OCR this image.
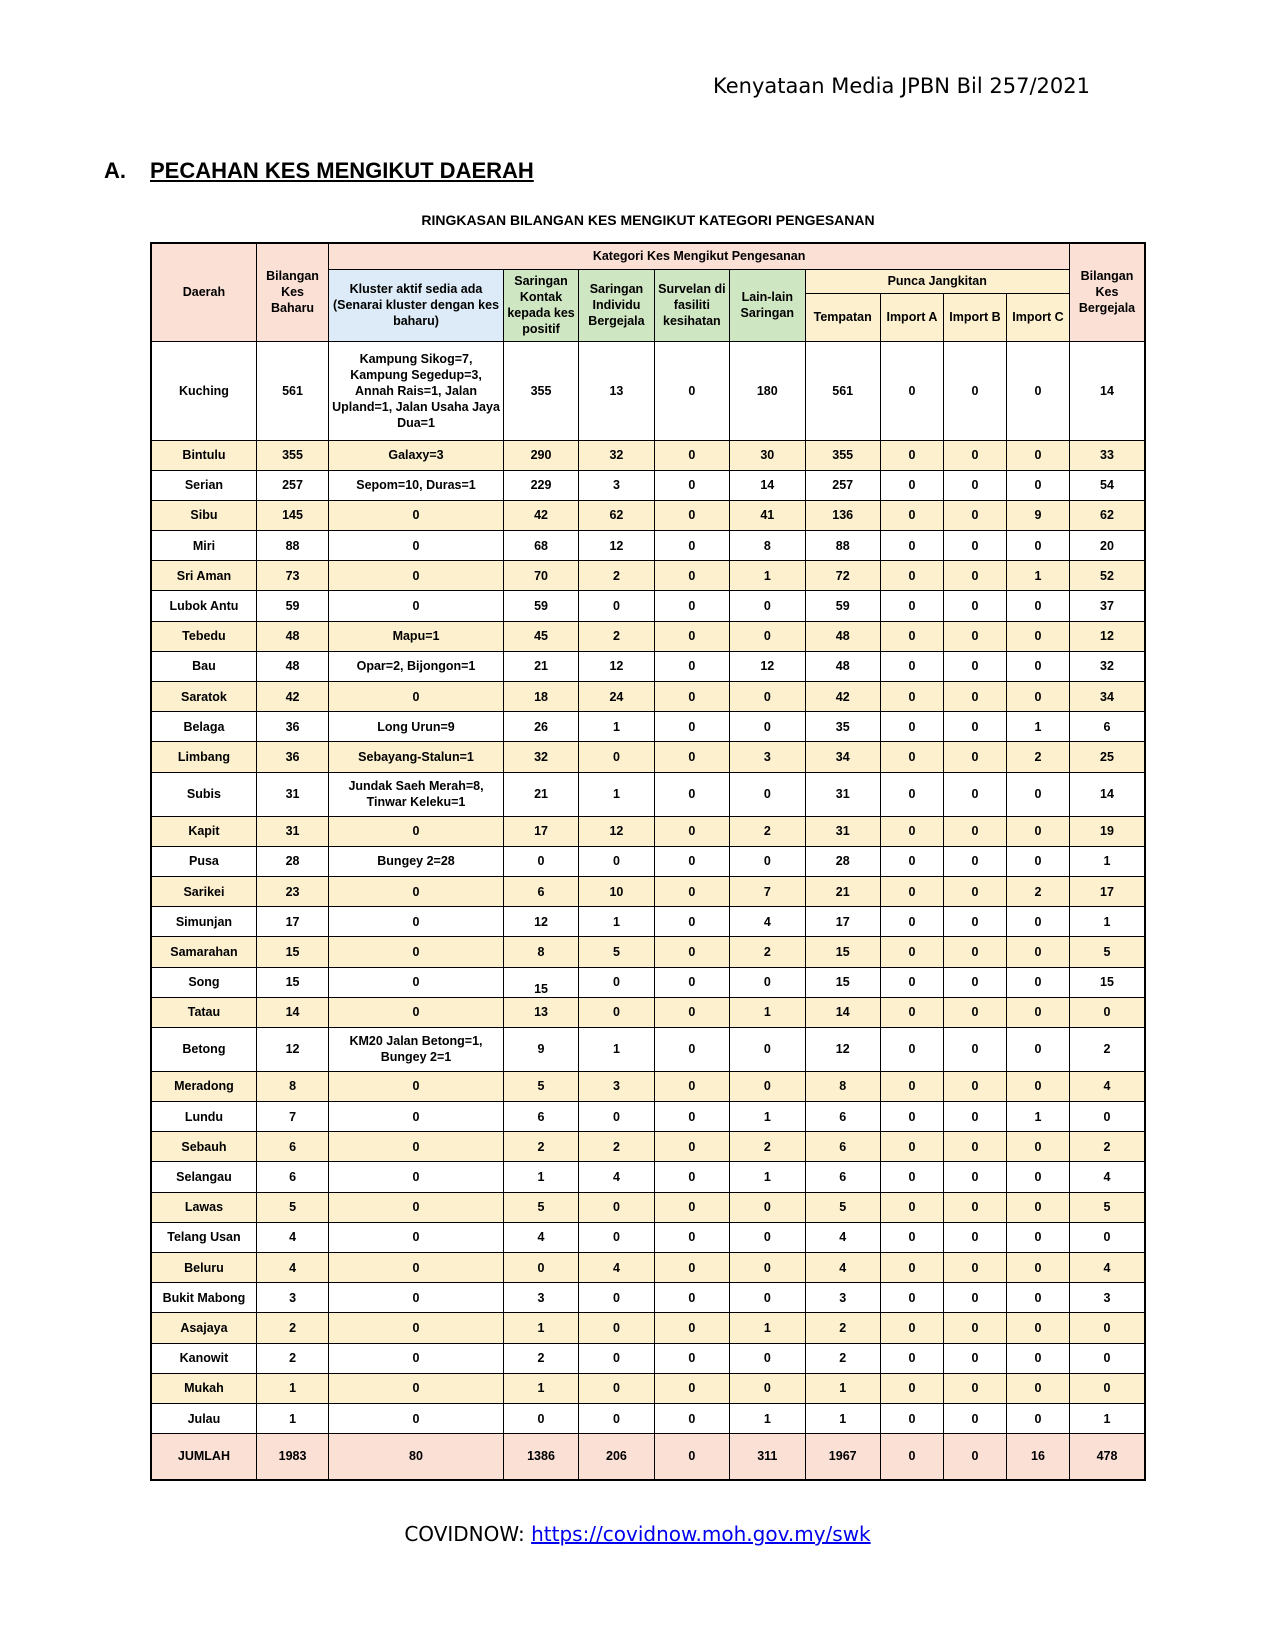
Kenyataan Media JPBN Bil 257/2021
A. PECAHAN KES MENGIKUT DAERAH
RINGKASAN BILANGAN KES MENGIKUT KATEGORI PENGESANAN
Daerah	Bilangan Kes Baharu	Kategori Kes Mengikut Pengesanan									Bilangan Kes Bergejala
		Kluster aktif sedia ada (Senarai kluster dengan kes baharu)	Saringan Kontak kepada kes positif	Saringan Individu Bergejala	Survelan di fasiliti kesihatan	Lain-lain Saringan	Punca Jangkitan				
							Tempatan	Import A	Import B	Import C	
Kuching	561	Kampung Sikog=7, Kampung Segedup=3, Annah Rais=1, Jalan Upland=1, Jalan Usaha Jaya Dua=1	355	13	0	180	561	0	0	0	14
Bintulu	355	Galaxy=3	290	32	0	30	355	0	0	0	33
Serian	257	Sepom=10, Duras=1	229	3	0	14	257	0	0	0	54
Sibu	145	0	42	62	0	41	136	0	0	9	62
Miri	88	0	68	12	0	8	88	0	0	0	20
Sri Aman	73	0	70	2	0	1	72	0	0	1	52
Lubok Antu	59	0	59	0	0	0	59	0	0	0	37
Tebedu	48	Mapu=1	45	2	0	0	48	0	0	0	12
Bau	48	Opar=2, Bijongon=1	21	12	0	12	48	0	0	0	32
Saratok	42	0	18	24	0	0	42	0	0	0	34
Belaga	36	Long Urun=9	26	1	0	0	35	0	0	1	6
Limbang	36	Sebayang-Stalun=1	32	0	0	3	34	0	0	2	25
Subis	31	Jundak Saeh Merah=8, Tinwar Keleku=1	21	1	0	0	31	0	0	0	14
Kapit	31	0	17	12	0	2	31	0	0	0	19
Pusa	28	Bungey 2=28	0	0	0	0	28	0	0	0	1
Sarikei	23	0	6	10	0	7	21	0	0	2	17
Simunjan	17	0	12	1	0	4	17	0	0	0	1
Samarahan	15	0	8	5	0	2	15	0	0	0	5
Song	15	0	15	0	0	0	15	0	0	0	15
Tatau	14	0	13	0	0	1	14	0	0	0	0
Betong	12	KM20 Jalan Betong=1, Bungey 2=1	9	1	0	0	12	0	0	0	2
Meradong	8	0	5	3	0	0	8	0	0	0	4
Lundu	7	0	6	0	0	1	6	0	0	1	0
Sebauh	6	0	2	2	0	2	6	0	0	0	2
Selangau	6	0	1	4	0	1	6	0	0	0	4
Lawas	5	0	5	0	0	0	5	0	0	0	5
Telang Usan	4	0	4	0	0	0	4	0	0	0	0
Beluru	4	0	0	4	0	0	4	0	0	0	4
Bukit Mabong	3	0	3	0	0	0	3	0	0	0	3
Asajaya	2	0	1	0	0	1	2	0	0	0	0
Kanowit	2	0	2	0	0	0	2	0	0	0	0
Mukah	1	0	1	0	0	0	1	0	0	0	0
Julau	1	0	0	0	0	1	1	0	0	0	1
JUMLAH	1983	80	1386	206	0	311	1967	0	0	16	478
COVIDNOW: https://covidnow.moh.gov.my/swk
